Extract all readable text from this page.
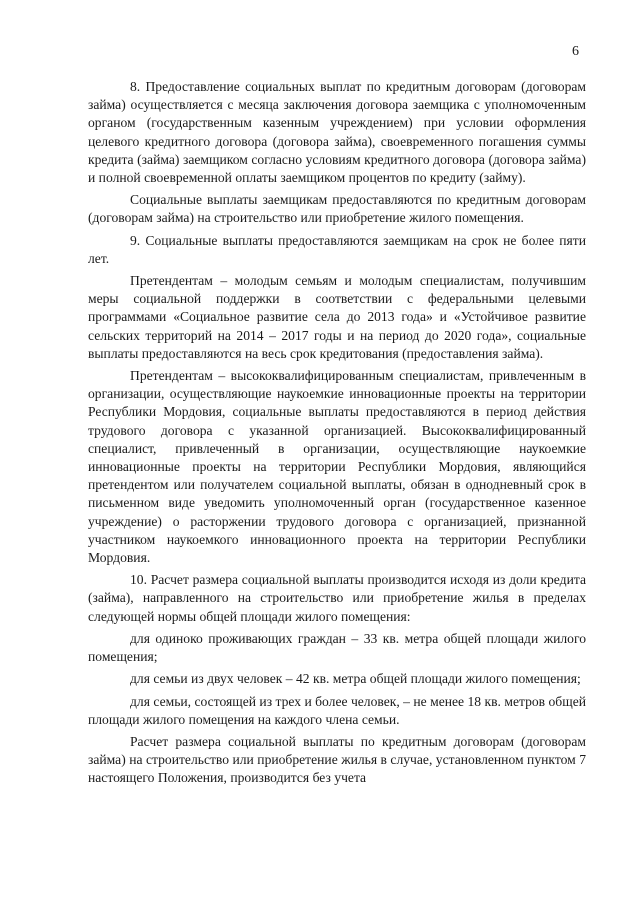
6

8. Предоставление социальных выплат по кредитным договорам (договорам займа) осуществляется с месяца заключения договора заемщика с уполномоченным органом (государственным казенным учреждением) при условии оформления целевого кредитного договора (договора займа), своевременного погашения суммы кредита (займа) заемщиком согласно условиям кредитного договора (договора займа) и полной своевременной оплаты заемщиком процентов по кредиту (займу).

Социальные выплаты заемщикам предоставляются по кредитным договорам (договорам займа) на строительство или приобретение жилого помещения.

9. Социальные выплаты предоставляются заемщикам на срок не более пяти лет.

Претендентам – молодым семьям и молодым специалистам, получившим меры социальной поддержки в соответствии с федеральными целевыми программами «Социальное развитие села до 2013 года» и «Устойчивое развитие сельских территорий на 2014 – 2017 годы и на период до 2020 года», социальные выплаты предоставляются на весь срок кредитования (предоставления займа).

Претендентам – высококвалифицированным специалистам, привлеченным в организации, осуществляющие наукоемкие инновационные проекты на территории Республики Мордовия, социальные выплаты предоставляются в период действия трудового договора с указанной организацией. Высококвалифицированный специалист, привлеченный в организации, осуществляющие наукоемкие инновационные проекты на территории Республики Мордовия, являющийся претендентом или получателем социальной выплаты, обязан в однодневный срок в письменном виде уведомить уполномоченный орган (государственное казенное учреждение) о расторжении трудового договора с организацией, признанной участником наукоемкого инновационного проекта на территории Республики Мордовия.

10. Расчет размера социальной выплаты производится исходя из доли кредита (займа), направленного на строительство или приобретение жилья в пределах следующей нормы общей площади жилого помещения:

для одиноко проживающих граждан – 33 кв. метра общей площади жилого помещения;

для семьи из двух человек – 42 кв. метра общей площади жилого помещения;

для семьи, состоящей из трех и более человек, – не менее 18 кв. метров общей площади жилого помещения на каждого члена семьи.

Расчет размера социальной выплаты по кредитным договорам (договорам займа) на строительство или приобретение жилья в случае, установленном пунктом 7 настоящего Положения, производится без учета
